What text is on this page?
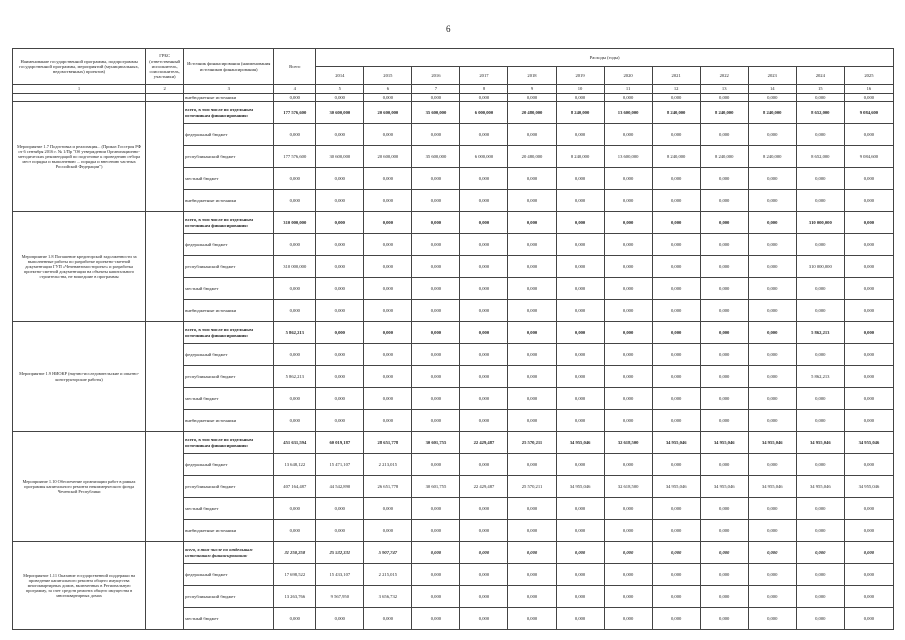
6
Наименование государственной программы, подпрограммы государственной программы, мероприятий (муниципальных, ведомственных) проектов)	ГРБС (ответственный исполнитель, соисполнитель, участники)	Источник финансирования (наименования источников финансирования)	Всего	Расходы (годы)											
				2014	2015	2016	2017	2018	2019	2020	2021	2022	2023	2024	2025
1	2	3	4	5	6	7	8	9	10	11	12	13	14	15	16
		внебюджетные источники	0,000	0,000	0,000	0,000	0,000	0,000	0,000	0,000	0,000	0,000	0,000	0,000	0,000
Мероприятие 1.7 Подготовка и реализация... (Приказ Госстроя РФ от 6 сентября 2016 г. № 1/Пр "Об утверждении Организационно-методических рекомендаций по подготовке к проведению отбора мест порядка и выполнению ... порядка и внесению частных Российской Федерации")		всего, в том числе по отдельным источникам финансирования:	177 576,600	30 600,000	20 600,000	35 600,000	6 000,000	20 480,000	8 240,000	13 600,000	8 240,000	8 240,000	8 240,000	8 652,000	9 084,600
		федеральный бюджет	0,000	0,000	0,000	0,000	0,000	0,000	0,000	0,000	0,000	0,000	0,000	0,000	0,000
		республиканский бюджет	177 576,600	30 600,000	20 600,000	35 600,000	6 000,000	20 480,000	8 240,000	13 600,000	8 240,000	8 240,000	8 240,000	8 652,000	9 084,600
		местный бюджет	0,000	0,000	0,000	0,000	0,000	0,000	0,000	0,000	0,000	0,000	0,000	0,000	0,000
		внебюджетные источники	0,000	0,000	0,000	0,000	0,000	0,000	0,000	0,000	0,000	0,000	0,000	0,000	0,000
Мероприятие 1.8 Погашение кредиторской задолженности за выполненные работы по разработке проектно-сметной документации ГУП «Чеченавтомостпроект» и разработка проектно-сметной документации на объекты капитального строительства, не вошедшие в программы		всего, в том числе по отдельным источникам финансирования:	310 000,000	0,000	0,000	0,000	0,000	0,000	0,000	0,000	0,000	0,000	0,000	310 000,000	0,000
		федеральный бюджет	0,000	0,000	0,000	0,000	0,000	0,000	0,000	0,000	0,000	0,000	0,000	0,000	0,000
		республиканский бюджет	310 000,000	0,000	0,000	0,000	0,000	0,000	0,000	0,000	0,000	0,000	0,000	310 000,000	0,000
		местный бюджет	0,000	0,000	0,000	0,000	0,000	0,000	0,000	0,000	0,000	0,000	0,000	0,000	0,000
		внебюджетные источники	0,000	0,000	0,000	0,000	0,000	0,000	0,000	0,000	0,000	0,000	0,000	0,000	0,000
Мероприятие 1.9 НИОКР (научно-исследовательские и опытно-конструкторские работы)		всего, в том числе по отдельным источникам финансирования:	5 862,213	0,000	0,000	0,000	0,000	0,000	0,000	0,000	0,000	0,000	0,000	5 862,213	0,000
		федеральный бюджет	0,000	0,000	0,000	0,000	0,000	0,000	0,000	0,000	0,000	0,000	0,000	0,000	0,000
		республиканский бюджет	5 862,213	0,000	0,000	0,000	0,000	0,000	0,000	0,000	0,000	0,000	0,000	5 862,213	0,000
		местный бюджет	0,000	0,000	0,000	0,000	0,000	0,000	0,000	0,000	0,000	0,000	0,000	0,000	0,000
		внебюджетные источники	0,000	0,000	0,000	0,000	0,000	0,000	0,000	0,000	0,000	0,000	0,000	0,000	0,000
Мероприятие 1.10 Обеспечение организации работ в рамках программы капитального ремонта некоммерческого фонда Чеченской Республики		всего, в том числе по отдельным источникам финансирования:	451 631,594	60 019,187	28 651,778	30 601,755	22 429,487	25 570,211	34 955,046	32 618,500	34 955,046	34 955,046	34 955,046	34 955,046	34 955,046
		федеральный бюджет	13 648,122	15 471,107	2 213,015	0,000	0,000	0,000	0,000	0,000	0,000	0,000	0,000	0,000	0,000
		республиканский бюджет	407 164,487	44 542,890	26 651,778	30 601,755	22 429,487	25 570,211	34 955,046	32 618,500	34 955,046	34 955,046	34 955,046	34 955,046	34 955,046
		местный бюджет	0,000	0,000	0,000	0,000	0,000	0,000	0,000	0,000	0,000	0,000	0,000	0,000	0,000
		внебюджетные источники	0,000	0,000	0,000	0,000	0,000	0,000	0,000	0,000	0,000	0,000	0,000	0,000	0,000
Мероприятие 1.11 Оказание государственной поддержки на проведение капитального ремонта общего имущества многоквартирных домов, включенных в Региональную программу, за счет средств ремонта общего имущества в многоквартирных домах		всего, в том числе по отдельным источникам финансирования:	31 250,258	25 532,331	5 907,747	0,000	0,000	0,000	0,000	0,000	0,000	0,000	0,000	0,000	0,000
		федеральный бюджет	17 698,522	15 433,107	2 215,015	0,000	0,000	0,000	0,000	0,000	0,000	0,000	0,000	0,000	0,000
		республиканский бюджет	13 263,766	9 567,950	3 656,732	0,000	0,000	0,000	0,000	0,000	0,000	0,000	0,000	0,000	0,000
		местный бюджет	0,000	0,000	0,000	0,000	0,000	0,000	0,000	0,000	0,000	0,000	0,000	0,000	0,000
